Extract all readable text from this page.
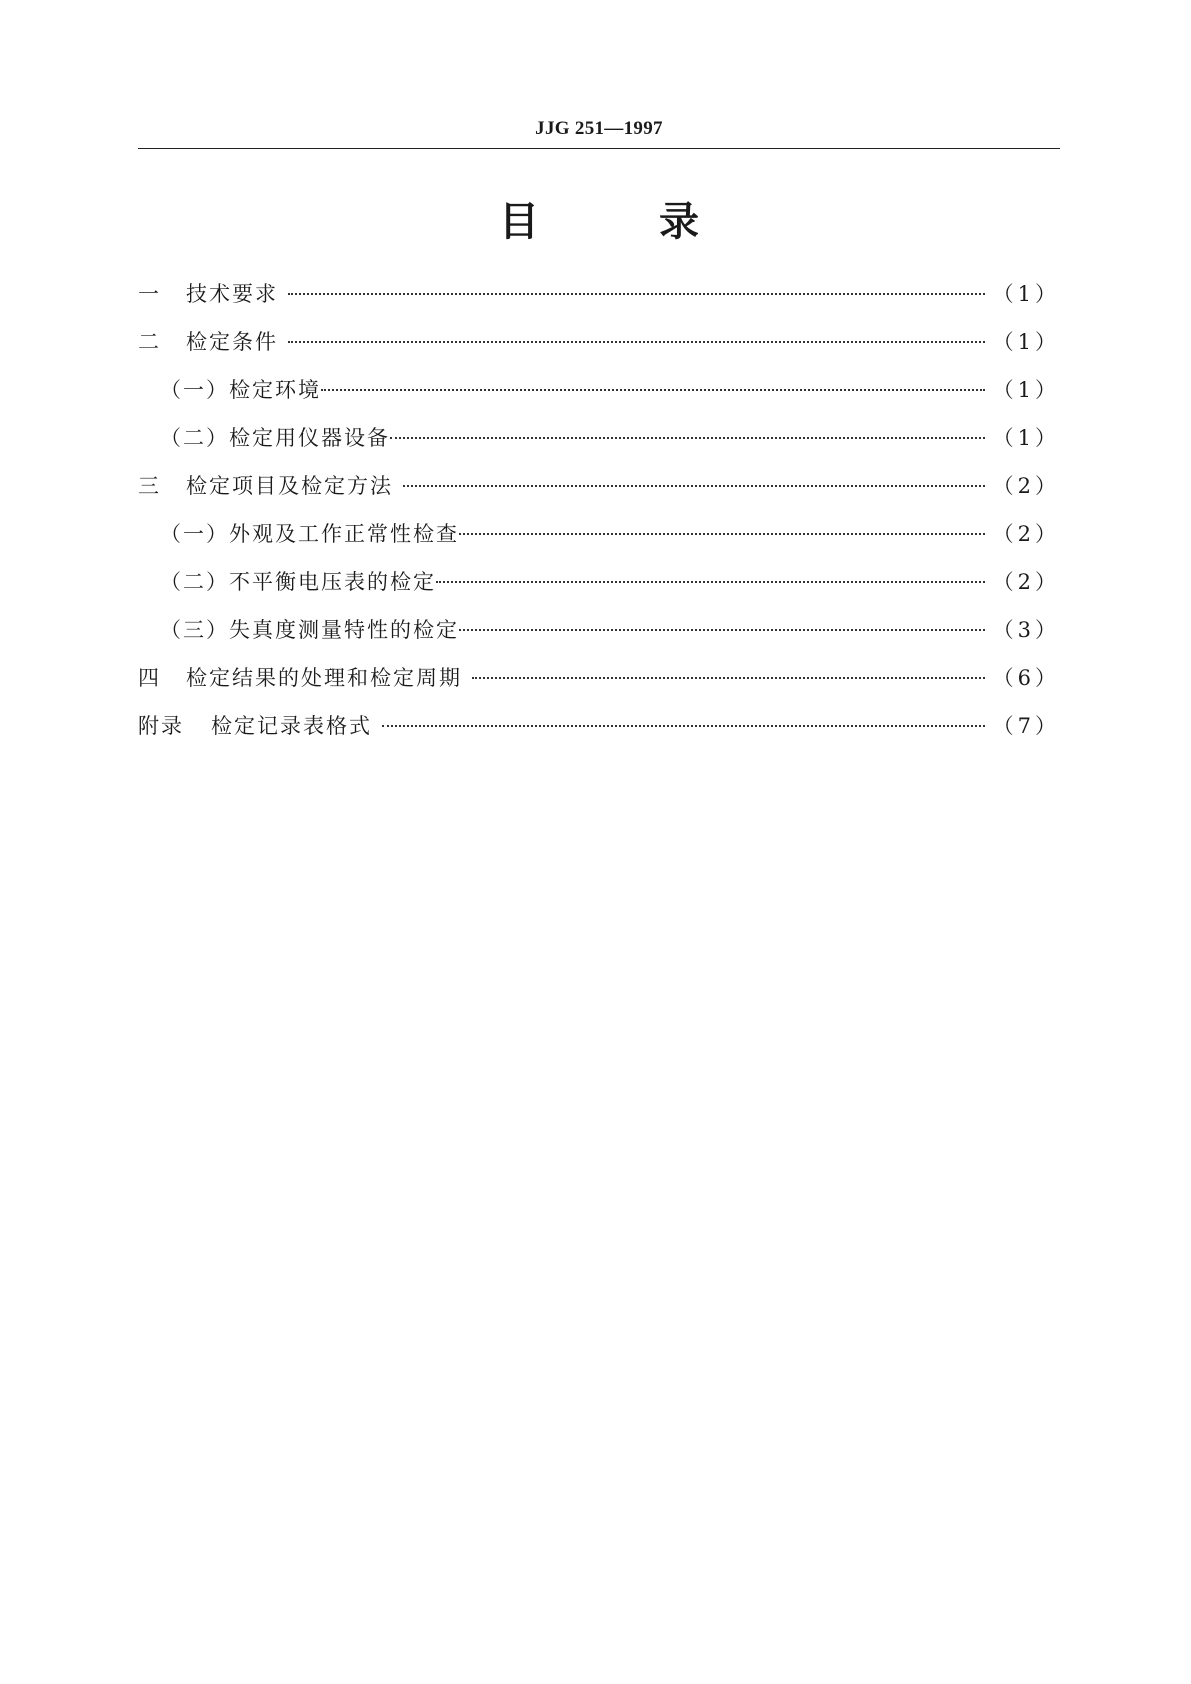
JJG 251—1997
目　　　录
一 技术要求	（1）
二 检定条件	（1）
（一）检定环境	（1）
（二）检定用仪器设备	（1）
三 检定项目及检定方法	（2）
（一）外观及工作正常性检查	（2）
（二）不平衡电压表的检定	（2）
（三）失真度测量特性的检定	（3）
四 检定结果的处理和检定周期	（6）
附录 检定记录表格式	（7）
